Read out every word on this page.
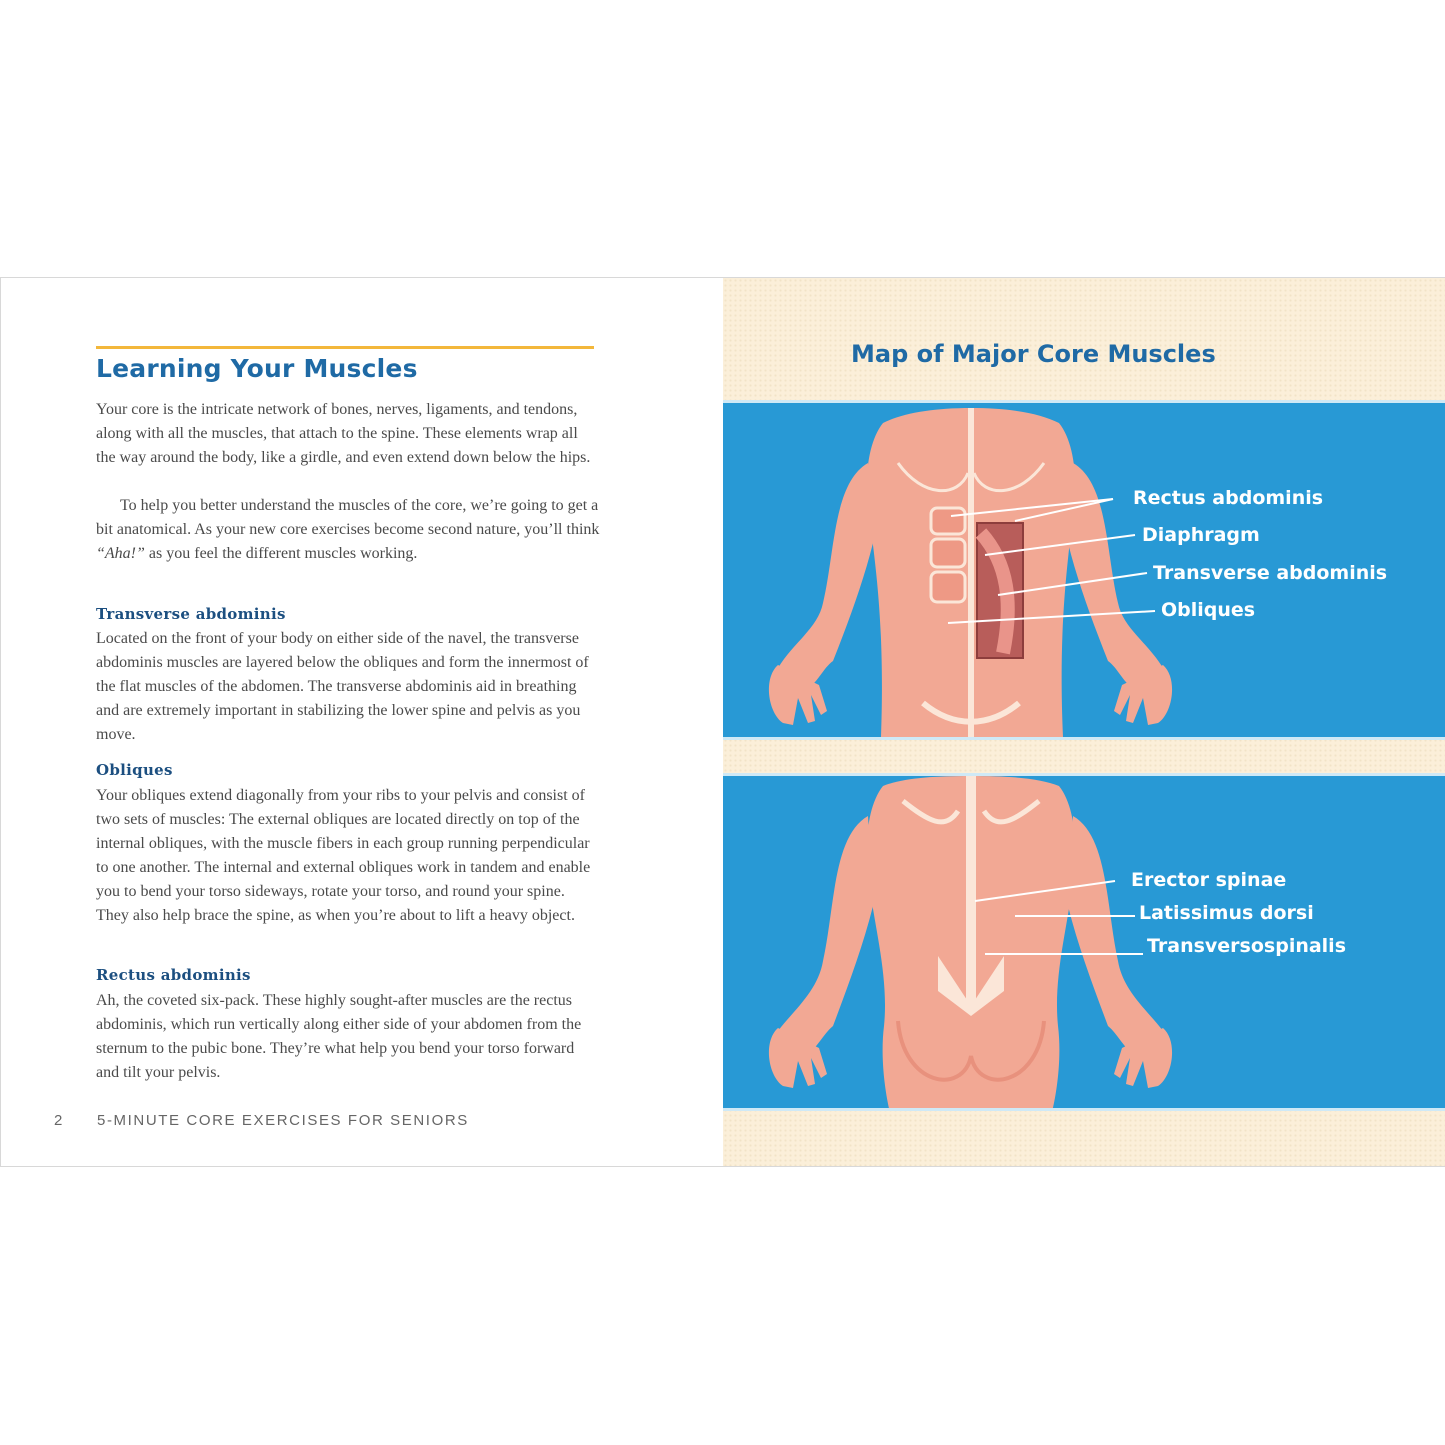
Learning Your Muscles

Your core is the intricate network of bones, nerves, ligaments, and tendons, along with all the muscles, that attach to the spine. These elements wrap all the way around the body, like a girdle, and even extend down below the hips.

To help you better understand the muscles of the core, we’re going to get a bit anatomical. As your new core exercises become second nature, you’ll think “Aha!” as you feel the different muscles working.

Transverse abdominis

Located on the front of your body on either side of the navel, the transverse abdominis muscles are layered below the obliques and form the innermost of the flat muscles of the abdomen. The transverse abdominis aid in breathing and are extremely important in stabilizing the lower spine and pelvis as you move.

Obliques

Your obliques extend diagonally from your ribs to your pelvis and consist of two sets of muscles: The external obliques are located directly on top of the internal obliques, with the muscle fibers in each group running perpendicular to one another. The internal and external obliques work in tandem and enable you to bend your torso sideways, rotate your torso, and round your spine. They also help brace the spine, as when you’re about to lift a heavy object.

Rectus abdominis

Ah, the coveted six-pack. These highly sought-after muscles are the rectus abdominis, which run vertically along either side of your abdomen from the sternum to the pubic bone. They’re what help you bend your torso forward and tilt your pelvis.

2 5-MINUTE CORE EXERCISES FOR SENIORS
Map of Major Core Muscles
Rectus abdominis
Diaphragm
Transverse abdominis
Obliques
Erector spinae
Latissimus dorsi
Transversospinalis
